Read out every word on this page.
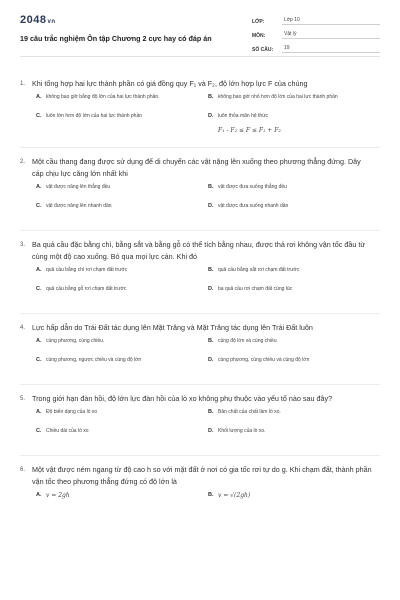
2048vn
19 câu trắc nghiệm Ôn tập Chương 2 cực hay có đáp án
LỚP:	Lớp 10
MÔN:	Vật lý
SỐ CÂU:	19
1. Khi tổng hợp hai lực thành phần có giá đồng quy F₁ và F₂, độ lớn hợp lực F của chúng
A. không bao giờ bằng độ lớn của hai lực thành phần.	B. không bao giờ nhỏ hơn độ lớn của hai lực thành phần
C. luôn lớn hơn độ lớn của hai lực thành phần	D. luôn thỏa mãn hệ thức
F₁ - F₂ ≤ F ≤ F₁ + F₂
2. Một cầu thang đang được sử dụng để di chuyển các vật nặng lên xuống theo phương thẳng đứng. Dây cáp chịu lực căng lớn nhất khi
A. vật được nâng lên thẳng đều	B. vật được đưa xuống thẳng đều
C. vật được nâng lên nhanh dần	D. vật được đưa xuống nhanh dần
3. Ba quả cầu đặc bằng chì, bằng sắt và bằng gỗ có thể tích bằng nhau, được thả rơi không vận tốc đầu từ cùng một độ cao xuống. Bỏ qua mọi lực cản. Khi đó
A. quả cầu bằng chì rơi chạm đất trước	B. quả cầu bằng sắt rơi chạm đất trước
C. quả cầu bằng gỗ rơi chạm đất trước	D. ba quả cầu rơi chạm đất cùng lúc
4. Lực hấp dẫn do Trái Đất tác dụng lên Mặt Trăng và Mặt Trăng tác dụng lên Trái Đất luôn
A. cùng phương, cùng chiều.	B. cùng độ lớn và cùng chiều
C. cùng phương, ngược chiều và cùng độ lớn	D. cùng phương, cùng chiều và cùng độ lớn
5. Trong giới hạn đàn hồi, độ lớn lực đàn hồi của lò xo không phụ thuộc vào yếu tố nào sau đây?
A. Độ biến dạng của lò xo	B. Bản chất của chất làm lò xo.
C. Chiều dài của lò xo	D. Khối lượng của lò xo.
6. Một vật được ném ngang từ độ cao h so với mặt đất ở nơi có gia tốc rơi tự do g. Khi chạm đất, thành phần vận tốc theo phương thẳng đứng có độ lớn là
A. v = 2gh	B. v = √(2gh)
